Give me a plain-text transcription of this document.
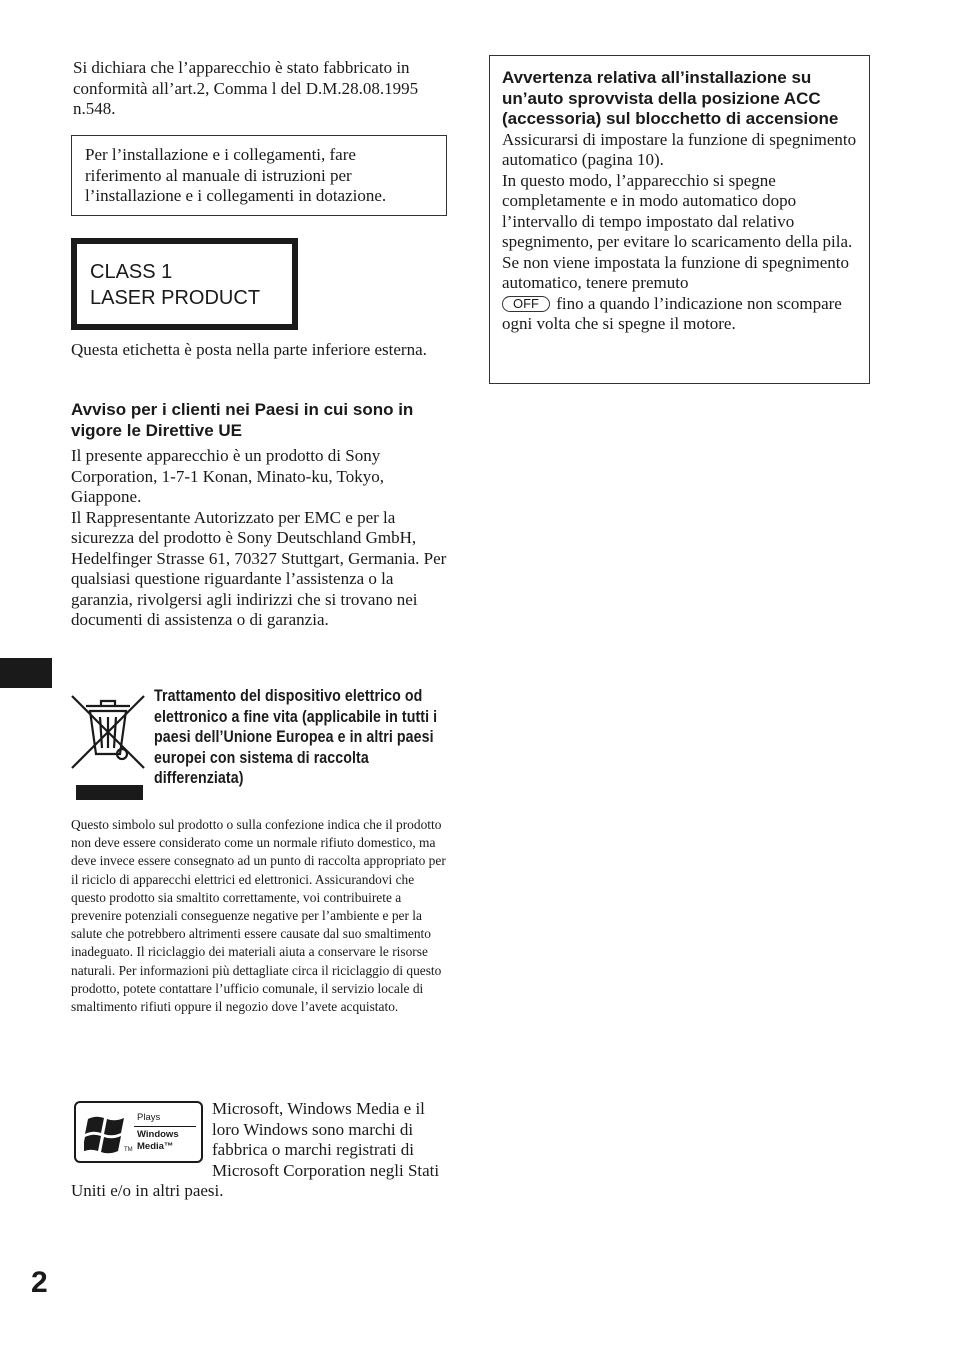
Si dichiara che l’apparecchio è stato fabbricato in conformità all’art.2, Comma l del D.M.28.08.1995 n.548.

Per l’installazione e i collegamenti, fare riferimento al manuale di istruzioni per l’installazione e i collegamenti in dotazione.

CLASS 1
LASER PRODUCT

Questa etichetta è posta nella parte inferiore esterna.

Avviso per i clienti nei Paesi in cui sono in vigore le Direttive UE

Il presente apparecchio è un prodotto di Sony Corporation, 1-7-1 Konan, Minato-ku, Tokyo, Giappone.
Il Rappresentante Autorizzato per EMC e per la sicurezza del prodotto è Sony Deutschland GmbH, Hedelfinger Strasse 61, 70327 Stuttgart, Germania. Per qualsiasi questione riguardante l’assistenza o la garanzia, rivolgersi agli indirizzi che si trovano nei documenti di assistenza o di garanzia.

Trattamento del dispositivo elettrico od elettronico a fine vita (applicabile in tutti i paesi dell’Unione Europea e in altri paesi europei con sistema di raccolta differenziata)

Questo simbolo sul prodotto o sulla confezione indica che il prodotto non deve essere considerato come un normale rifiuto domestico, ma deve invece essere consegnato ad un punto di raccolta appropriato per il riciclo di apparecchi elettrici ed elettronici. Assicurandovi che questo prodotto sia smaltito correttamente, voi contribuirete a prevenire potenziali conseguenze negative per l’ambiente e per la salute che potrebbero altrimenti essere causate dal suo smaltimento inadeguato. Il riciclaggio dei materiali aiuta a conservare le risorse naturali. Per informazioni più dettagliate circa il riciclaggio di questo prodotto, potete contattare l’ufficio comunale, il servizio locale di smaltimento rifiuti oppure il negozio dove l’avete acquistato.

Plays
Windows
Media™
TM

Microsoft, Windows Media e il loro Windows sono marchi di fabbrica o marchi registrati di Microsoft Corporation negli Stati Uniti e/o in altri paesi.

Avvertenza relativa all’installazione su un’auto sprovvista della posizione ACC (accessoria) sul blocchetto di accensione

Assicurarsi di impostare la funzione di spegnimento automatico (pagina 10).
In questo modo, l’apparecchio si spegne completamente e in modo automatico dopo l’intervallo di tempo impostato dal relativo spegnimento, per evitare lo scaricamento della pila.
Se non viene impostata la funzione di spegnimento automatico, tenere premuto
OFF fino a quando l’indicazione non scompare ogni volta che si spegne il motore.

2
